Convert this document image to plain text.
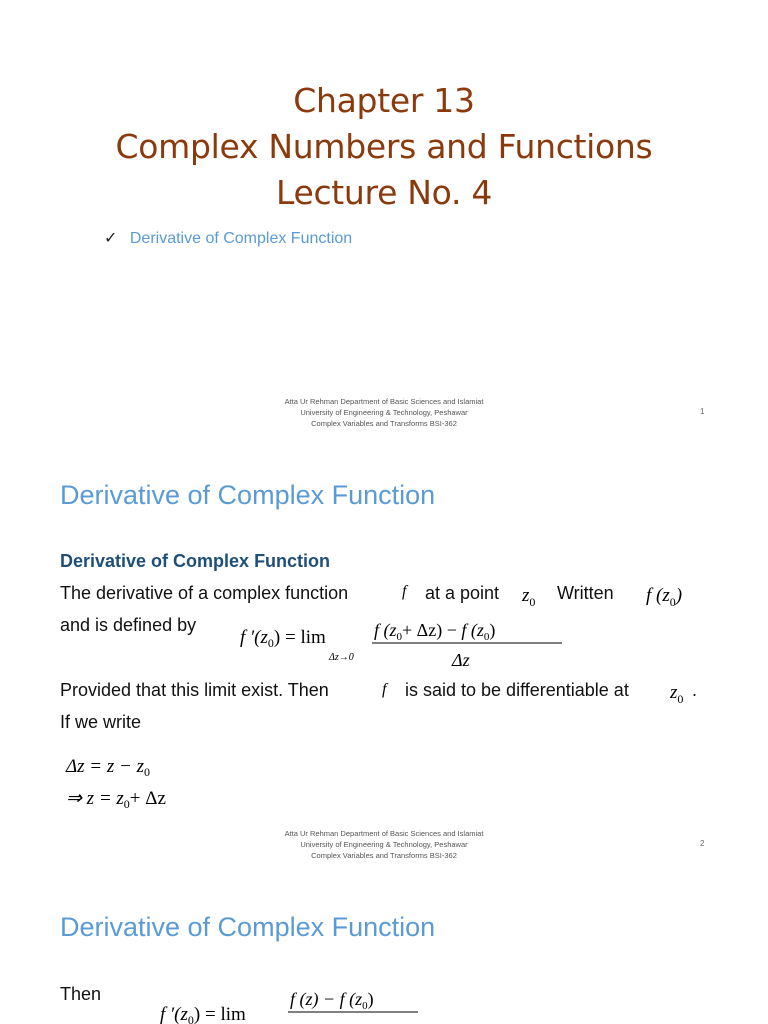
Chapter 13
Complex Numbers and Functions
Lecture No. 4
✓ Derivative of Complex Function
Atta Ur Rehman Department of Basic Sciences and Islamiat
University of Engineering & Technology, Peshawar
Complex Variables and Transforms BSI-362
1
Derivative of Complex Function
Derivative of Complex Function
The derivative of a complex function	f at a point $z_0$ Written f $(z_0)$
and is defined by
f $'(z_0) = \lim$
Δz→0
f $(z_0+ \Delta z) - f$ $(z_0)$
Δz
Provided that this limit exist. Then	f is said to be differentiable at $z_0$ .
If we write
$\Delta z = z - z_0$
⇒ $z = z_0+ \Delta z$
Atta Ur Rehman Department of Basic Sciences and Islamiat
University of Engineering & Technology, Peshawar
Complex Variables and Transforms BSI-362
2
Derivative of Complex Function
Then
f $'(z_0) = \lim$
f (z) − f $(z_0)$
